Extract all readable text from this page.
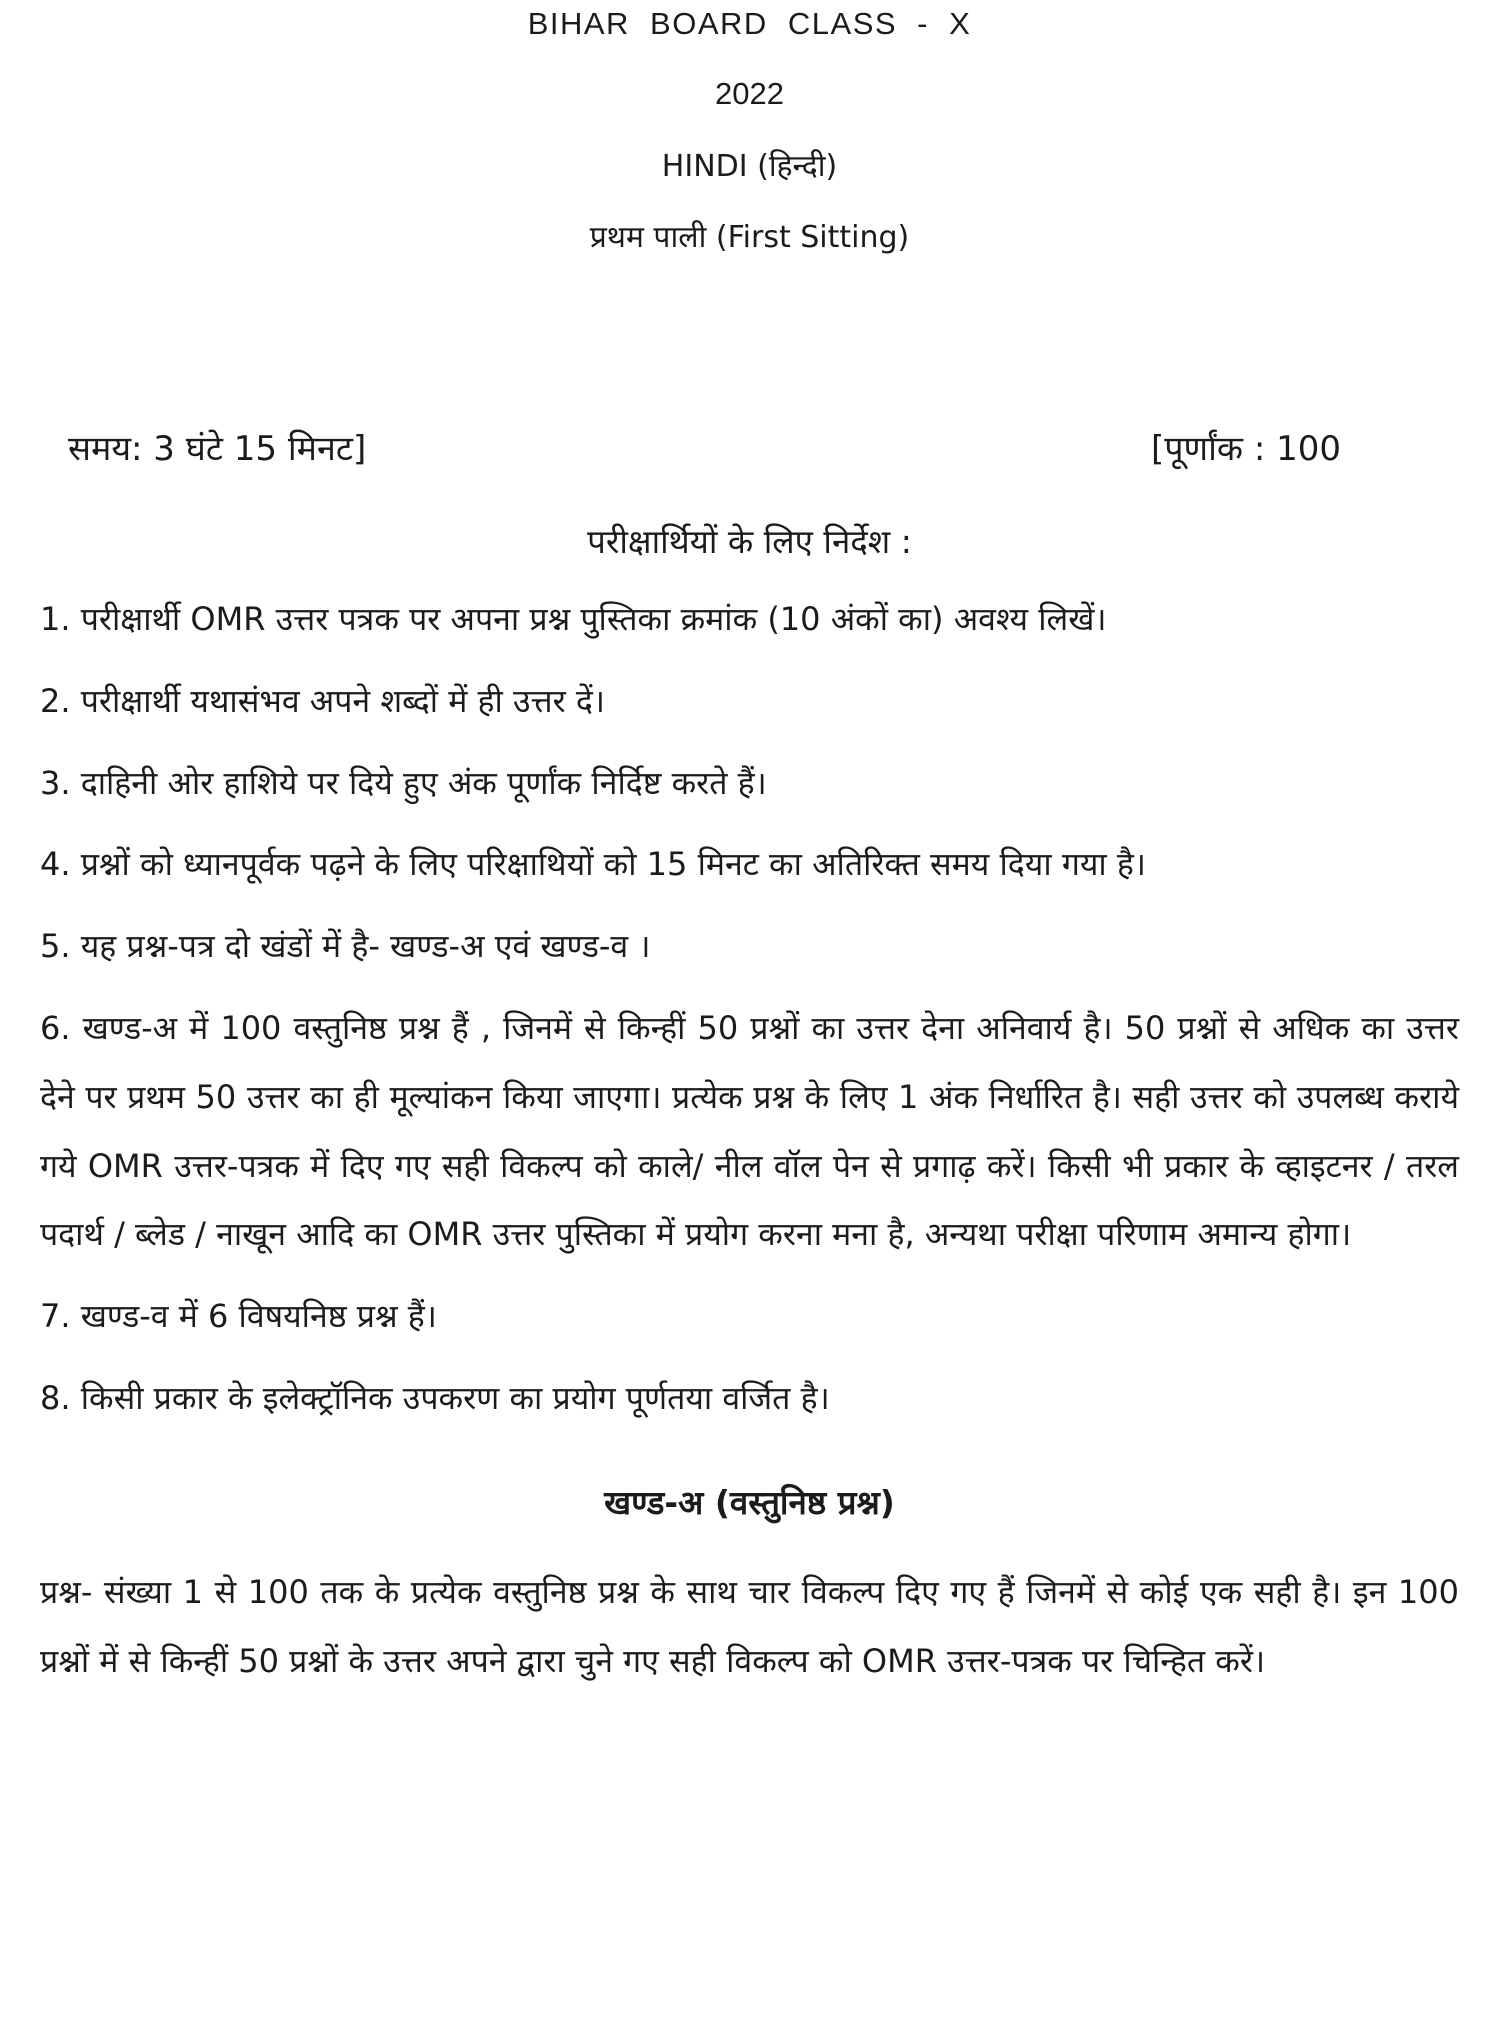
BIHAR BOARD CLASS - X
2022
HINDI (हिन्दी)
प्रथम पाली (First Sitting)
समय: 3 घंटे 15 मिनट]	[पूर्णांक : 100
परीक्षार्थियों के लिए निर्देश :

1. परीक्षार्थी OMR उत्तर पत्रक पर अपना प्रश्न पुस्तिका क्रमांक (10 अंकों का) अवश्य लिखें।

2. परीक्षार्थी यथासंभव अपने शब्दों में ही उत्तर दें।

3. दाहिनी ओर हाशिये पर दिये हुए अंक पूर्णांक निर्दिष्ट करते हैं।

4. प्रश्नों को ध्यानपूर्वक पढ़ने के लिए परिक्षाथियों को 15 मिनट का अतिरिक्त समय दिया गया है।

5. यह प्रश्न-पत्र दो खंडों में है- खण्ड-अ एवं खण्ड-व ।

6. खण्ड-अ में 100 वस्तुनिष्ठ प्रश्न हैं , जिनमें से किन्हीं 50 प्रश्नों का उत्तर देना अनिवार्य है। 50 प्रश्नों से अधिक का उत्तर देने पर प्रथम 50 उत्तर का ही मूल्यांकन किया जाएगा। प्रत्येक प्रश्न के लिए 1 अंक निर्धारित है। सही उत्तर को उपलब्ध कराये गये OMR उत्तर-पत्रक में दिए गए सही विकल्प को काले/ नील वॉल पेन से प्रगाढ़ करें। किसी भी प्रकार के व्हाइटनर / तरल पदार्थ / ब्लेड / नाखून आदि का OMR उत्तर पुस्तिका में प्रयोग करना मना है, अन्यथा परीक्षा परिणाम अमान्य होगा।

7. खण्ड-व में 6 विषयनिष्ठ प्रश्न हैं।

8. किसी प्रकार के इलेक्ट्रॉनिक उपकरण का प्रयोग पूर्णतया वर्जित है।

खण्ड-अ (वस्तुनिष्ठ प्रश्न)

प्रश्न- संख्या 1 से 100 तक के प्रत्येक वस्तुनिष्ठ प्रश्न के साथ चार विकल्प दिए गए हैं जिनमें से कोई एक सही है। इन 100 प्रश्नों में से किन्हीं 50 प्रश्नों के उत्तर अपने द्वारा चुने गए सही विकल्प को OMR उत्तर-पत्रक पर चिन्हित करें।
